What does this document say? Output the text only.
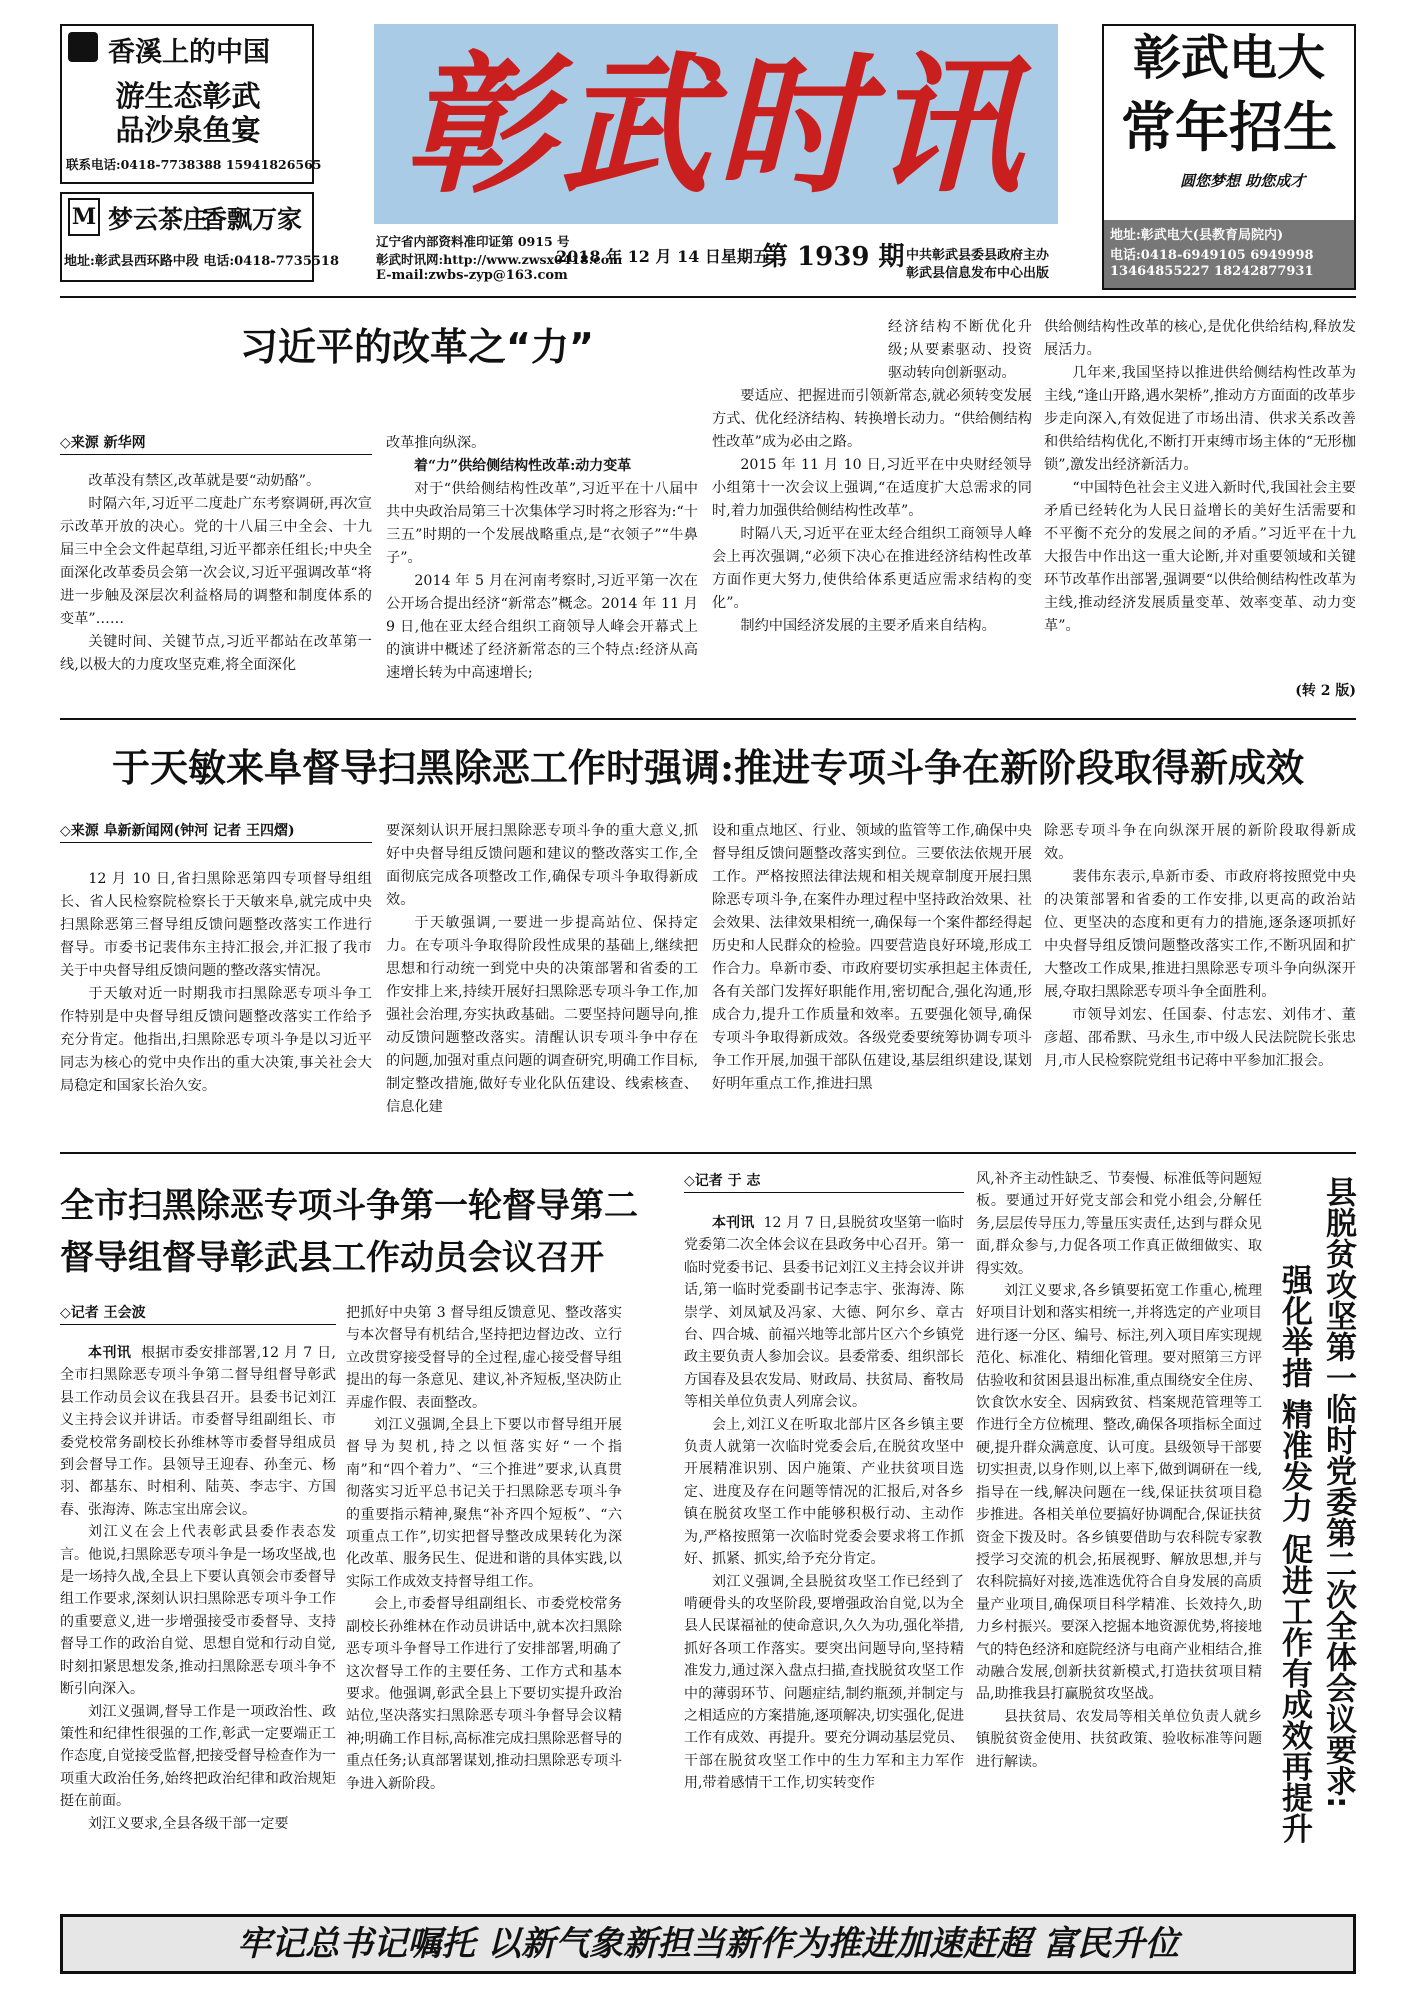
香溪上的中国
游生态彰武
品沙泉鱼宴
联系电话:0418-7738388 15941826565
M 梦云茶庄
香飘万家
地址:彰武县西环路中段 电话:0418-7735518
彰武时讯
辽宁省内部资料准印证第 0915 号
彰武时讯网:http://www.zwsx0418.com
E-mail:zwbs-zyp@163.com
2018 年 12 月 14 日星期五
第 1939 期 中共彰武县委县政府主办
彰武县信息发布中心出版
彰武电大
常年招生
圆您梦想 助您成才
地址:彰武电大(县教育局院内)
电话:0418-6949105 6949998
13464855227 18242877931
习近平的改革之“力”
◇来源 新华网

改革没有禁区,改革就是要“动奶酪”。

时隔六年,习近平二度赴广东考察调研,再次宣示改革开放的决心。党的十八届三中全会、十九届三中全会文件起草组,习近平都亲任组长;中央全面深化改革委员会第一次会议,习近平强调改革“将进一步触及深层次利益格局的调整和制度体系的变革”……

关键时间、关键节点,习近平都站在改革第一线,以极大的力度攻坚克难,将全面深化

改革推向纵深。

着“力”供给侧结构性改革:动力变革

对于“供给侧结构性改革”,习近平在十八届中共中央政治局第三十次集体学习时将之形容为:“十三五”时期的一个发展战略重点,是“衣领子”“牛鼻子”。

2014 年 5 月在河南考察时,习近平第一次在公开场合提出经济“新常态”概念。2014 年 11 月 9 日,他在亚太经合组织工商领导人峰会开幕式上的演讲中概述了经济新常态的三个特点:经济从高速增长转为中高速增长;

经济结构不断优化升级;从要素驱动、投资驱动转向创新驱动。

要适应、把握进而引领新常态,就必须转变发展方式、优化经济结构、转换增长动力。“供给侧结构性改革”成为必由之路。

2015 年 11 月 10 日,习近平在中央财经领导小组第十一次会议上强调,“在适度扩大总需求的同时,着力加强供给侧结构性改革”。

时隔八天,习近平在亚太经合组织工商领导人峰会上再次强调,“必须下决心在推进经济结构性改革方面作更大努力,使供给体系更适应需求结构的变化”。

制约中国经济发展的主要矛盾来自结构。

供给侧结构性改革的核心,是优化供给结构,释放发展活力。

几年来,我国坚持以推进供给侧结构性改革为主线,“逢山开路,遇水架桥”,推动方方面面的改革步步走向深入,有效促进了市场出清、供求关系改善和供给结构优化,不断打开束缚市场主体的“无形枷锁”,激发出经济新活力。

“中国特色社会主义进入新时代,我国社会主要矛盾已经转化为人民日益增长的美好生活需要和不平衡不充分的发展之间的矛盾。”习近平在十九大报告中作出这一重大论断,并对重要领域和关键环节改革作出部署,强调要“以供给侧结构性改革为主线,推动经济发展质量变革、效率变革、动力变革”。

(转 2 版)
于天敏来阜督导扫黑除恶工作时强调:推进专项斗争在新阶段取得新成效
◇来源 阜新新闻网(钟河 记者 王四熠)

12 月 10 日,省扫黑除恶第四专项督导组组长、省人民检察院检察长于天敏来阜,就完成中央扫黑除恶第三督导组反馈问题整改落实工作进行督导。市委书记裴伟东主持汇报会,并汇报了我市关于中央督导组反馈问题的整改落实情况。

于天敏对近一时期我市扫黑除恶专项斗争工作特别是中央督导组反馈问题整改落实工作给予充分肯定。他指出,扫黑除恶专项斗争是以习近平同志为核心的党中央作出的重大决策,事关社会大局稳定和国家长治久安。

要深刻认识开展扫黑除恶专项斗争的重大意义,抓好中央督导组反馈问题和建议的整改落实工作,全面彻底完成各项整改工作,确保专项斗争取得新成效。

于天敏强调,一要进一步提高站位、保持定力。在专项斗争取得阶段性成果的基础上,继续把思想和行动统一到党中央的决策部署和省委的工作安排上来,持续开展好扫黑除恶专项斗争工作,加强社会治理,夯实执政基础。二要坚持问题导向,推动反馈问题整改落实。清醒认识专项斗争中存在的问题,加强对重点问题的调查研究,明确工作目标,制定整改措施,做好专业化队伍建设、线索核查、信息化建

设和重点地区、行业、领域的监管等工作,确保中央督导组反馈问题整改落实到位。三要依法依规开展工作。严格按照法律法规和相关规章制度开展扫黑除恶专项斗争,在案件办理过程中坚持政治效果、社会效果、法律效果相统一,确保每一个案件都经得起历史和人民群众的检验。四要营造良好环境,形成工作合力。阜新市委、市政府要切实承担起主体责任,各有关部门发挥好职能作用,密切配合,强化沟通,形成合力,提升工作质量和效率。五要强化领导,确保专项斗争取得新成效。各级党委要统筹协调专项斗争工作开展,加强干部队伍建设,基层组织建设,谋划好明年重点工作,推进扫黑

除恶专项斗争在向纵深开展的新阶段取得新成效。

裴伟东表示,阜新市委、市政府将按照党中央的决策部署和省委的工作安排,以更高的政治站位、更坚决的态度和更有力的措施,逐条逐项抓好中央督导组反馈问题整改落实工作,不断巩固和扩大整改工作成果,推进扫黑除恶专项斗争向纵深开展,夺取扫黑除恶专项斗争全面胜利。

市领导刘宏、任国泰、付志宏、刘伟才、董彦超、邵希默、马永生,市中级人民法院院长张忠月,市人民检察院党组书记蒋中平参加汇报会。

全市扫黑除恶专项斗争第一轮督导第二
督导组督导彰武县工作动员会议召开
◇记者 王会波

本刊讯 根据市委安排部署,12 月 7 日,全市扫黑除恶专项斗争第二督导组督导彰武县工作动员会议在我县召开。县委书记刘江义主持会议并讲话。市委督导组副组长、市委党校常务副校长孙维林等市委督导组成员到会督导工作。县领导王迎春、孙奎元、杨羽、都基东、时相利、陆英、李志宇、方国春、张海涛、陈志宝出席会议。

刘江义在会上代表彰武县委作表态发言。他说,扫黑除恶专项斗争是一场攻坚战,也是一场持久战,全县上下要认真领会市委督导组工作要求,深刻认识扫黑除恶专项斗争工作的重要意义,进一步增强接受市委督导、支持督导工作的政治自觉、思想自觉和行动自觉,时刻扣紧思想发条,推动扫黑除恶专项斗争不断引向深入。

刘江义强调,督导工作是一项政治性、政策性和纪律性很强的工作,彰武一定要端正工作态度,自觉接受监督,把接受督导检查作为一项重大政治任务,始终把政治纪律和政治规矩挺在前面。

刘江义要求,全县各级干部一定要

把抓好中央第 3 督导组反馈意见、整改落实与本次督导有机结合,坚持把边督边改、立行立改贯穿接受督导的全过程,虚心接受督导组提出的每一条意见、建议,补齐短板,坚决防止弄虚作假、表面整改。

刘江义强调,全县上下要以市督导组开展督导为契机,持之以恒落实好“一个指南”和“四个着力”、“三个推进”要求,认真贯彻落实习近平总书记关于扫黑除恶专项斗争的重要指示精神,聚焦“补齐四个短板”、“六项重点工作”,切实把督导整改成果转化为深化改革、服务民生、促进和谐的具体实践,以实际工作成效支持督导组工作。

会上,市委督导组副组长、市委党校常务副校长孙维林在作动员讲话中,就本次扫黑除恶专项斗争督导工作进行了安排部署,明确了这次督导工作的主要任务、工作方式和基本要求。他强调,彰武全县上下要切实提升政治站位,坚决落实扫黑除恶专项斗争督导会议精神;明确工作目标,高标准完成扫黑除恶督导的重点任务;认真部署谋划,推动扫黑除恶专项斗争进入新阶段。

◇记者 于 志

本刊讯 12 月 7 日,县脱贫攻坚第一临时党委第二次全体会议在县政务中心召开。第一临时党委书记、县委书记刘江义主持会议并讲话,第一临时党委副书记李志宇、张海涛、陈崇学、刘凤斌及冯家、大德、阿尔乡、章古台、四合城、前福兴地等北部片区六个乡镇党政主要负责人参加会议。县委常委、组织部长方国春及县农发局、财政局、扶贫局、畜牧局等相关单位负责人列席会议。

会上,刘江义在听取北部片区各乡镇主要负责人就第一次临时党委会后,在脱贫攻坚中开展精准识别、因户施策、产业扶贫项目选定、进度及存在问题等情况的汇报后,对各乡镇在脱贫攻坚工作中能够积极行动、主动作为,严格按照第一次临时党委会要求将工作抓好、抓紧、抓实,给予充分肯定。

刘江义强调,全县脱贫攻坚工作已经到了啃硬骨头的攻坚阶段,要增强政治自觉,以为全县人民谋福祉的使命意识,久久为功,强化举措,抓好各项工作落实。要突出问题导向,坚持精准发力,通过深入盘点扫描,查找脱贫攻坚工作中的薄弱环节、问题症结,制约瓶颈,并制定与之相适应的方案措施,逐项解决,切实强化,促进工作有成效、再提升。要充分调动基层党员、干部在脱贫攻坚工作中的生力军和主力军作用,带着感情干工作,切实转变作

风,补齐主动性缺乏、节奏慢、标准低等问题短板。要通过开好党支部会和党小组会,分解任务,层层传导压力,等量压实责任,达到与群众见面,群众参与,力促各项工作真正做细做实、取得实效。

刘江义要求,各乡镇要拓宽工作重心,梳理好项目计划和落实相统一,并将选定的产业项目进行逐一分区、编号、标注,列入项目库实现规范化、标准化、精细化管理。要对照第三方评估验收和贫困县退出标准,重点围绕安全住房、饮食饮水安全、因病致贫、档案规范管理等工作进行全方位梳理、整改,确保各项指标全面过硬,提升群众满意度、认可度。县级领导干部要切实担责,以身作则,以上率下,做到调研在一线,指导在一线,解决问题在一线,保证扶贫项目稳步推进。各相关单位要搞好协调配合,保证扶贫资金下拨及时。各乡镇要借助与农科院专家教授学习交流的机会,拓展视野、解放思想,并与农科院搞好对接,选准选优符合自身发展的高质量产业项目,确保项目科学精准、长效持久,助力乡村振兴。要深入挖掘本地资源优势,将接地气的特色经济和庭院经济与电商产业相结合,推动融合发展,创新扶贫新模式,打造扶贫项目精品,助推我县打赢脱贫攻坚战。

县扶贫局、农发局等相关单位负责人就乡镇脱贫资金使用、扶贫政策、验收标准等问题进行解读。	县脱贫攻坚第一临时党委第二次全体会议要求:
强化举措 精准发力 促进工作有成效再提升
牢记总书记嘱托 以新气象新担当新作为推进加速赶超 富民升位
